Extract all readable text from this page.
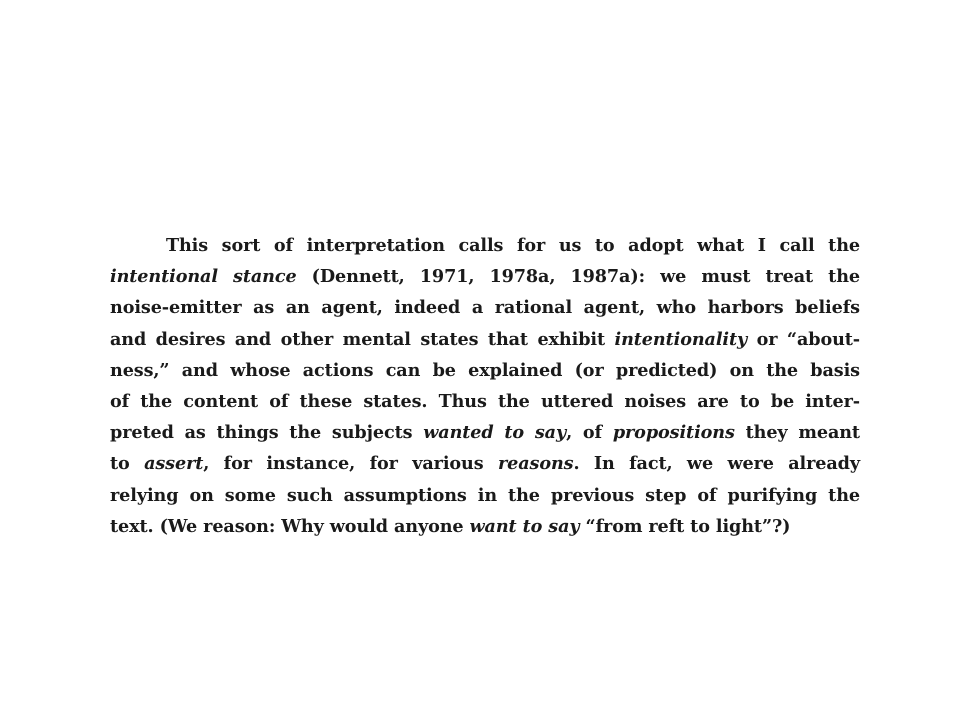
This sort of interpretation calls for us to adopt what I call the
intentional stance (Dennett, 1971, 1978a, 1987a): we must treat the
noise-emitter as an agent, indeed a rational agent, who harbors beliefs
and desires and other mental states that exhibit intentionality or “about-
ness,” and whose actions can be explained (or predicted) on the basis
of the content of these states. Thus the uttered noises are to be inter-
preted as things the subjects wanted to say, of propositions they meant
to assert, for instance, for various reasons. In fact, we were already
relying on some such assumptions in the previous step of purifying the
text. (We reason: Why would anyone want to say “from reft to light”?)
